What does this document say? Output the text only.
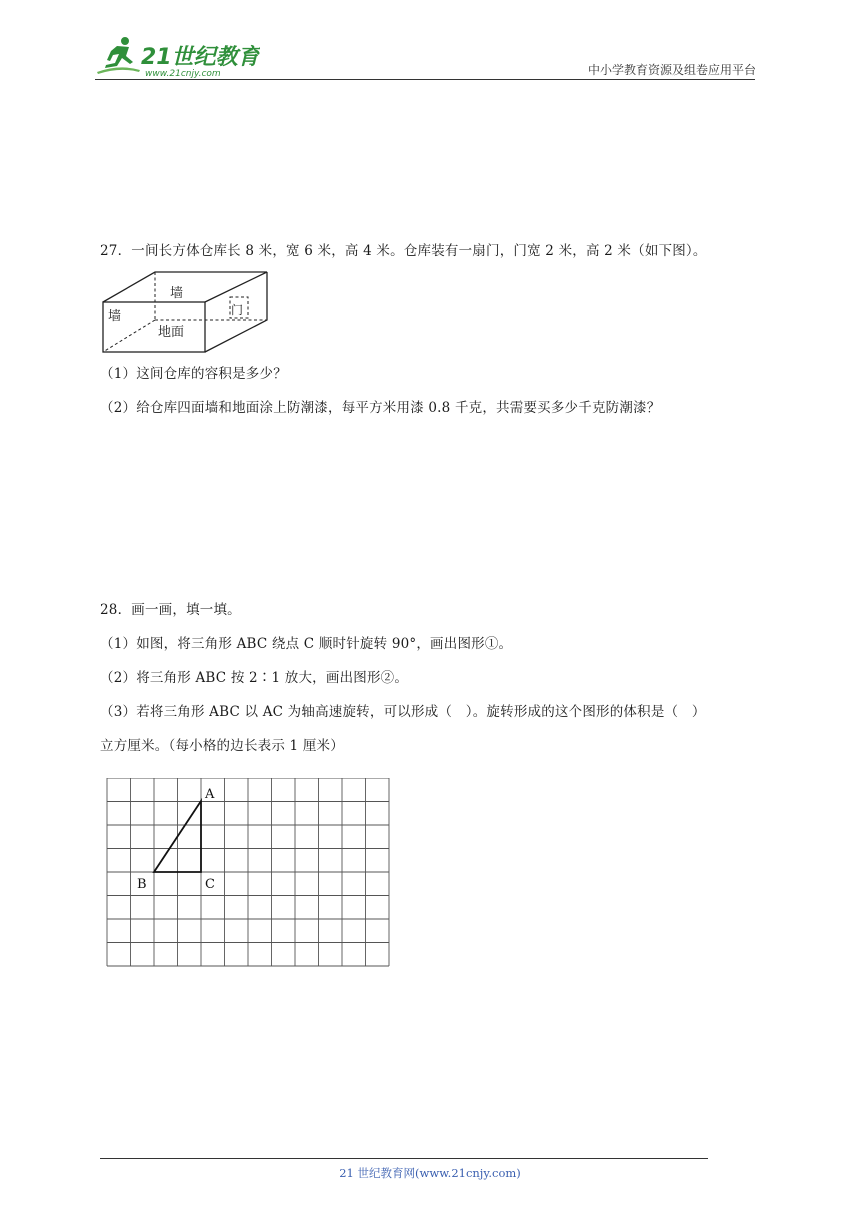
21世纪教育
www.21cnjy.com	中小学教育资源及组卷应用平台
27．一间长方体仓库长 8 米，宽 6 米，高 4 米。仓库装有一扇门，门宽 2 米，高 2 米（如下图）。
墙
墙
地面
门
（1）这间仓库的容积是多少？
（2）给仓库四面墙和地面涂上防潮漆，每平方米用漆 0.8 千克，共需要买多少千克防潮漆？
28．画一画，填一填。
（1）如图，将三角形 ABC 绕点 C 顺时针旋转 90°，画出图形①。
（2）将三角形 ABC 按 2∶1 放大，画出图形②。
（3）若将三角形 ABC 以 AC 为轴高速旋转，可以形成（　）。旋转形成的这个图形的体积是（　）
立方厘米。（每小格的边长表示 1 厘米）
A
B	C
21 世纪教育网(www.21cnjy.com)
